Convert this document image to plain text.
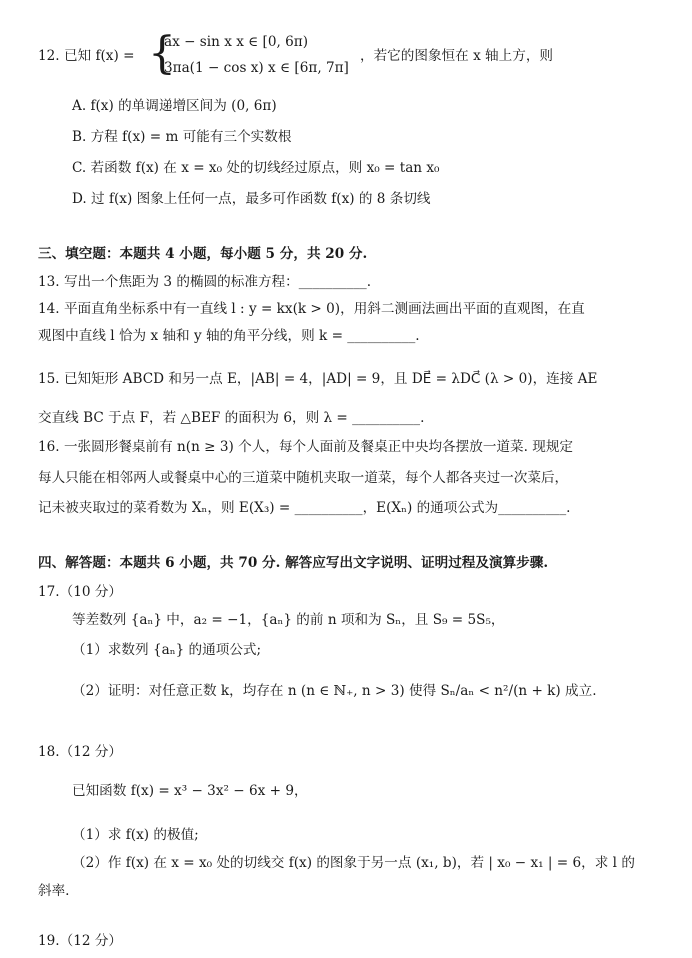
12. 已知 f(x) = {
ax − sin x x ∈ [0, 6π)
3πa(1 − cos x) x ∈ [6π, 7π]
，若它的图象恒在 x 轴上方，则
A. f(x) 的单调递增区间为 (0, 6π)
B. 方程 f(x) = m 可能有三个实数根
C. 若函数 f(x) 在 x = x₀ 处的切线经过原点，则 x₀ = tan x₀
D. 过 f(x) 图象上任何一点，最多可作函数 f(x) 的 8 条切线
三、填空题：本题共 4 小题，每小题 5 分，共 20 分.
13. 写出一个焦距为 3 的椭圆的标准方程：__________.
14. 平面直角坐标系中有一直线 l : y = kx(k > 0)，用斜二测画法画出平面的直观图，在直
观图中直线 l 恰为 x 轴和 y 轴的角平分线，则 k = __________.
15. 已知矩形 ABCD 和另一点 E，|AB| = 4，|AD| = 9，且 DE⃗ = λDC⃗ (λ > 0)，连接 AE
交直线 BC 于点 F，若 △BEF 的面积为 6，则 λ = __________.
16. 一张圆形餐桌前有 n(n ≥ 3) 个人，每个人面前及餐桌正中央均各摆放一道菜. 现规定
每人只能在相邻两人或餐桌中心的三道菜中随机夹取一道菜，每个人都各夹过一次菜后，
记未被夹取过的菜肴数为 Xₙ，则 E(X₃) = __________，E(Xₙ) 的通项公式为__________.
四、解答题：本题共 6 小题，共 70 分. 解答应写出文字说明、证明过程及演算步骤.
17.（10 分）
等差数列 {aₙ} 中，a₂ = −1，{aₙ} 的前 n 项和为 Sₙ，且 S₉ = 5S₅，
（1）求数列 {aₙ} 的通项公式;
（2）证明：对任意正数 k，均存在 n (n ∈ ℕ₊, n > 3) 使得 Sₙ/aₙ < n²/(n + k) 成立.
18.（12 分）
已知函数 f(x) = x³ − 3x² − 6x + 9，
（1）求 f(x) 的极值;
（2）作 f(x) 在 x = x₀ 处的切线交 f(x) 的图象于另一点 (x₁, b)，若 | x₀ − x₁ | = 6，求 l 的
斜率.
19.（12 分）
